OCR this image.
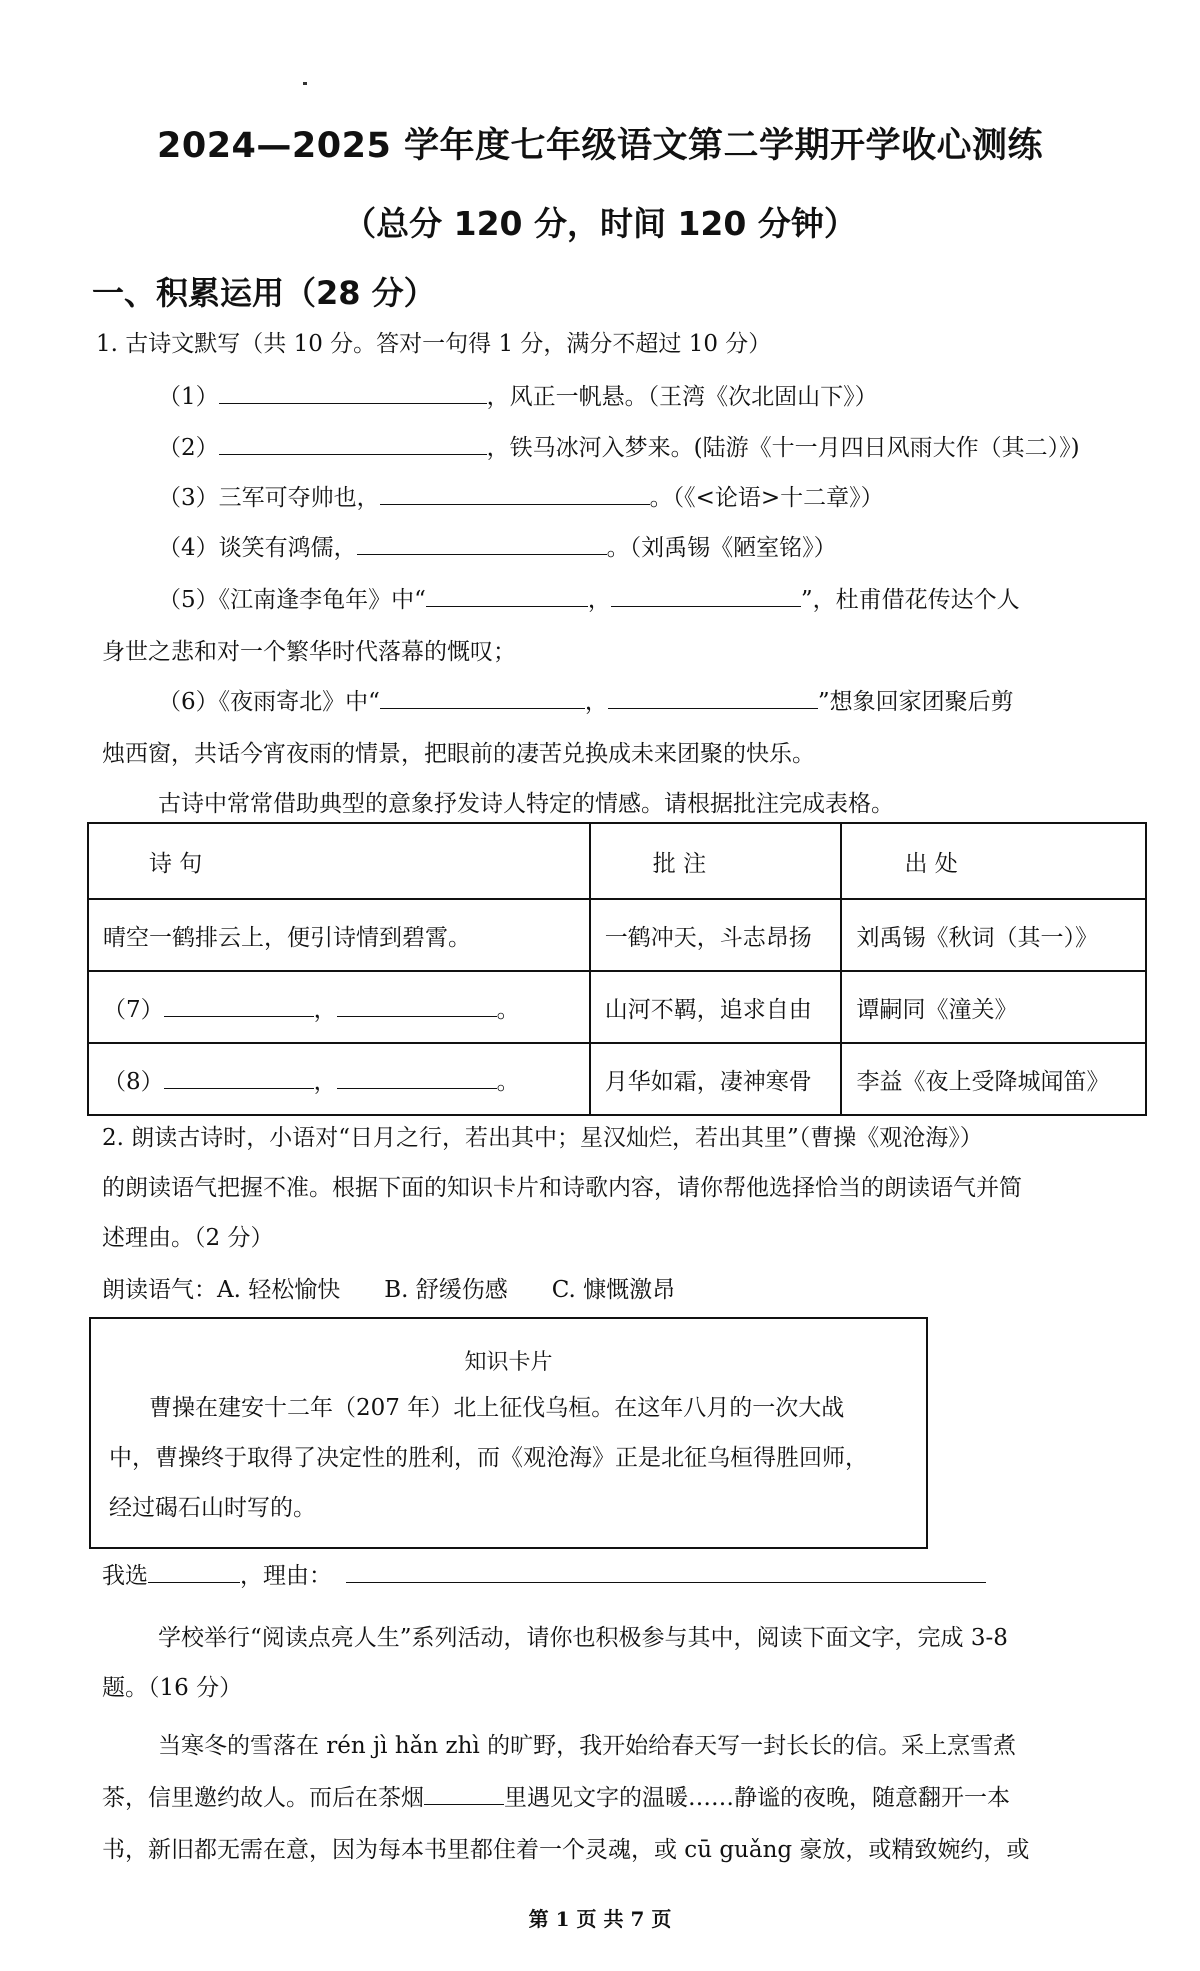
2024—2025 学年度七年级语文第二学期开学收心测练
（总分 120 分，时间 120 分钟）
一、积累运用（28 分）
1. 古诗文默写（共 10 分。答对一句得 1 分，满分不超过 10 分）
（1）	，风正一帆悬。（王湾《次北固山下》）
（2）	，铁马冰河入梦来。(陆游《十一月四日风雨大作（其二）》)
（3）三军可夺帅也，	。（《<论语>十二章》）
（4）谈笑有鸿儒，	。（刘禹锡《陋室铭》）
（5）《江南逢李龟年》中“	，	”，杜甫借花传达个人
身世之悲和对一个繁华时代落幕的慨叹；
（6）《夜雨寄北》中“	，	”想象回家团聚后剪
烛西窗，共话今宵夜雨的情景，把眼前的凄苦兑换成未来团聚的快乐。
古诗中常常借助典型的意象抒发诗人特定的情感。请根据批注完成表格。
诗 句	批 注	出 处
晴空一鹤排云上，便引诗情到碧霄。	一鹤冲天，斗志昂扬	刘禹锡《秋词（其一）》
（7） ， 。	山河不羁，追求自由	谭嗣同《潼关》
（8） ， 。	月华如霜，凄神寒骨	李益《夜上受降城闻笛》
2. 朗读古诗时，小语对“日月之行，若出其中；星汉灿烂，若出其里”（曹操《观沧海》）
的朗读语气把握不准。根据下面的知识卡片和诗歌内容，请你帮他选择恰当的朗读语气并简
述理由。（2 分）
朗读语气：A. 轻松愉快 B. 舒缓伤感 C. 慷慨激昂
知识卡片
曹操在建安十二年（207 年）北上征伐乌桓。在这年八月的一次大战
中，曹操终于取得了决定性的胜利，而《观沧海》正是北征乌桓得胜回师，
经过碣石山时写的。
我选	，理由：
学校举行“阅读点亮人生”系列活动，请你也积极参与其中，阅读下面文字，完成 3-8
题。（16 分）
当寒冬的雪落在 rén jì hǎn zhì 的旷野，我开始给春天写一封长长的信。采上烹雪煮
茶，信里邀约故人。而后在茶烟	里遇见文字的温暖……静谧的夜晚，随意翻开一本
书，新旧都无需在意，因为每本书里都住着一个灵魂，或 cū guǎng 豪放，或精致婉约，或
第 1 页 共 7 页
